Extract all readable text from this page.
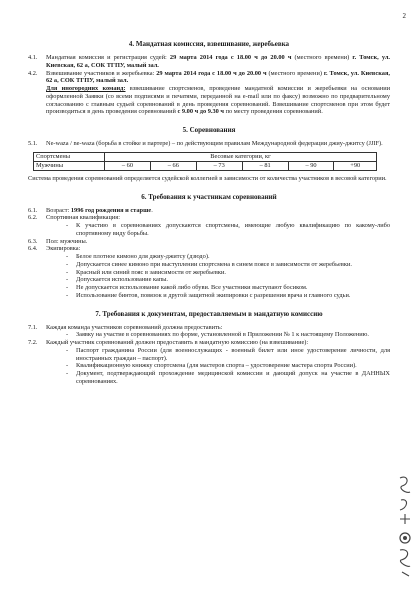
2
4. Мандатная комиссия, взвешивание, жеребьевка
4.1.	Мандатная комиссия и регистрация судей: 29 марта 2014 года с 18.00 ч до 20.00 ч (местного времени) г. Томск, ул. Киевская, 62 а, СОК ТГПУ, малый зал.
4.2.	Взвешивание участников и жеребьевка: 29 марта 2014 года с 18.00 ч до 20.00 ч (местного времени) г. Томск, ул. Киевская, 62 а, СОК ТГПУ, малый зал.
Для иногородних команд: взвешивание спортсменов, проведение мандатной комиссии и жеребьевки на основании оформленной Заявки (со всеми подписями и печатями, переданной на e-mail или по факсу) возможно по предварительному согласованию с главным судьей соревнований в день проведения соревнований. Взвешивание спортсменов при этом будет производиться в день проведения соревнований с 9.00 ч до 9.30 ч по месту проведения соревнований.
5. Соревнования
5.1.	Ne-waza / ne-waza (борьба в стойке и партере) – по действующим правилам Международной федерации джиу-джитсу (JJIF).
Спортсмены	Весовые категории, кг					
Мужчины	– 60	– 66	– 73	– 81	– 90	+90
Система проведения соревнований определяется судейской коллегией в зависимости от количества участников в весовой категории.
6. Требования к участникам соревнований
6.1.	Возраст: 1996 год рождения и старше.
6.2.	Спортивная квалификация:
-	К участию в соревнованиях допускаются спортсмены, имеющие любую квалификацию по какому-либо спортивному виду борьбы.
6.3.	Пол: мужчины.
6.4.	Экипировка:
-	Белое плотное кимоно для джиу-джитсу (дзюдо).
-	Допускается синее кимоно при выступлении спортсмена в синем поясе в зависимости от жеребьевки.
-	Красный или синий пояс в зависимости от жеребьевки.
-	Допускается использование капы.
-	Не допускается использование какой либо обуви. Все участники выступают босиком.
-	Использование бинтов, повязок и другой защитной экипировки с разрешения врача и главного судьи.
7. Требования к документам, предоставляемым в мандатную комиссию
7.1.	Каждая команда участников соревнований должна предоставить:
-	Заявку на участие в соревнованиях по форме, установленной в Приложении № 1 к настоящему Положению.
7.2.	Каждый участник соревнований должен предоставить в мандатную комиссию (на взвешивание):
-	Паспорт гражданина России (для военнослужащих - военный билет или иное удостоверение личности, для иностранных граждан – паспорт).
-	Квалификационную книжку спортсмена (для мастеров спорта – удостоверение мастера спорта России).
-	Документ, подтверждающий прохождение медицинской комиссии и дающий допуск на участие в ДАННЫХ соревнованиях.
